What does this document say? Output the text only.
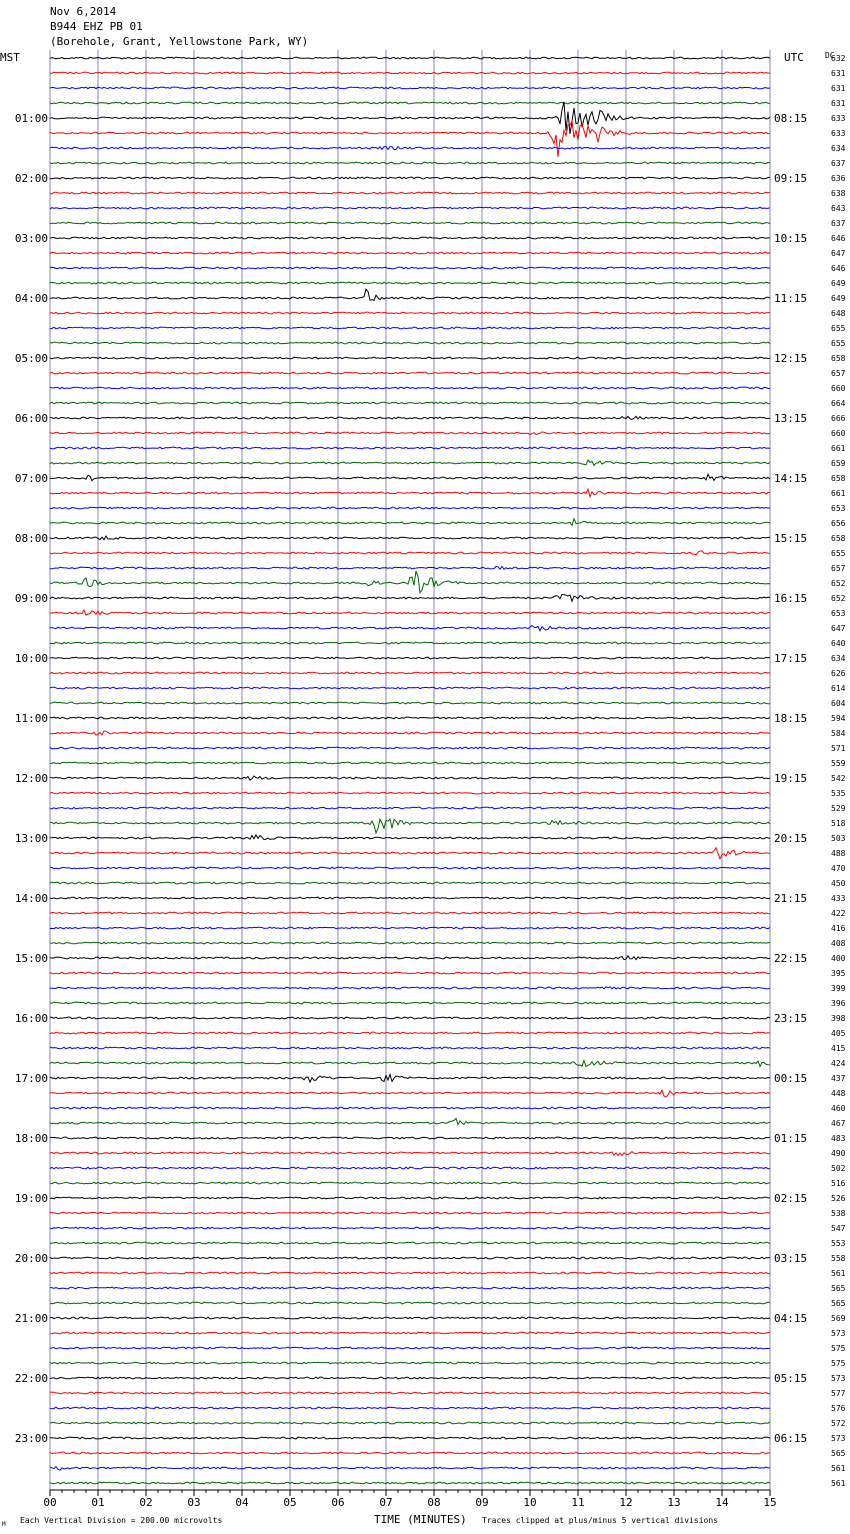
Nov 6,2014
B944 EHZ PB 01
(Borehole, Grant, Yellowstone Park, WY)
01:00
02:00
03:00
04:00
05:00
06:00
07:00
08:00
09:00
10:00
11:00
12:00
13:00
14:00
15:00
16:00
17:00
18:00
19:00
20:00
21:00
22:00
23:00
08:15
09:15
10:15
11:15
12:15
13:15
14:15
15:15
16:15
17:15
18:15
19:15
20:15
21:15
22:15
23:15
00:15
01:15
02:15
03:15
04:15
05:15
06:15
632
631
631
631
633
633
634
637
636
638
643
637
646
647
646
649
649
648
655
655
658
657
660
664
666
660
661
659
658
661
653
656
658
655
657
652
652
653
647
640
634
626
614
604
594
584
571
559
542
535
529
518
503
488
470
450
433
422
416
408
400
395
399
396
398
405
415
424
437
448
460
467
483
490
502
516
526
538
547
553
558
561
565
565
569
573
575
575
573
577
576
572
573
565
561
561
00	01	02	03	04	05	06	07	08	09	10	11	12	13	14	15
MST	UTC	DC
TIME (MINUTES)
Each Vertical Division = 200.00 microvolts	Traces clipped at plus/minus 5 vertical divisions
M
